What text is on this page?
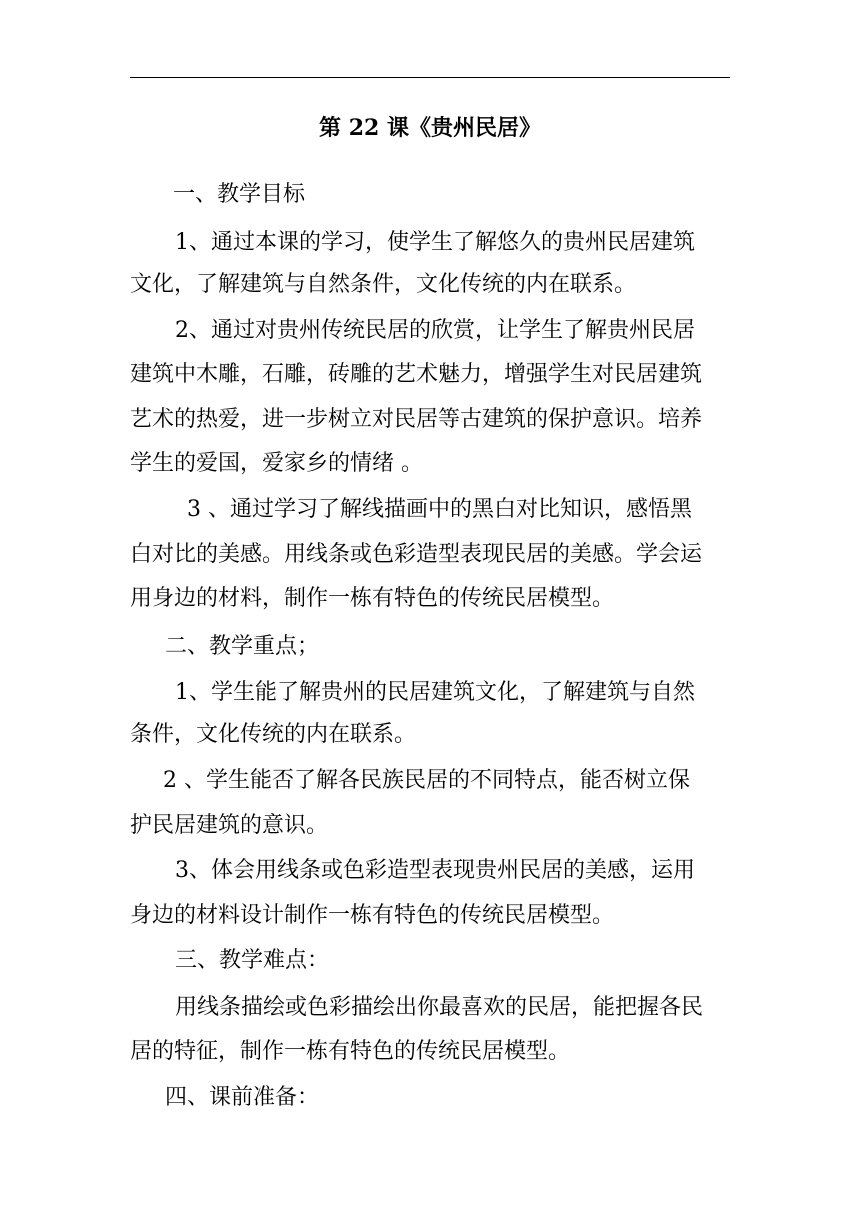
第 22 课《贵州民居》
一、教学目标
1、通过本课的学习，使学生了解悠久的贵州民居建筑
文化，了解建筑与自然条件，文化传统的内在联系。
2、通过对贵州传统民居的欣赏，让学生了解贵州民居
建筑中木雕，石雕，砖雕的艺术魅力，增强学生对民居建筑
艺术的热爱，进一步树立对民居等古建筑的保护意识。培养
学生的爱国，爱家乡的情绪 。
3 、通过学习了解线描画中的黑白对比知识，感悟黑
白对比的美感。用线条或色彩造型表现民居的美感。学会运
用身边的材料，制作一栋有特色的传统民居模型。
二、教学重点；
1、学生能了解贵州的民居建筑文化，了解建筑与自然
条件，文化传统的内在联系。
2 、学生能否了解各民族民居的不同特点，能否树立保
护民居建筑的意识。
3、体会用线条或色彩造型表现贵州民居的美感，运用
身边的材料设计制作一栋有特色的传统民居模型。
三、教学难点：
用线条描绘或色彩描绘出你最喜欢的民居，能把握各民
居的特征，制作一栋有特色的传统民居模型。
四、课前准备：
